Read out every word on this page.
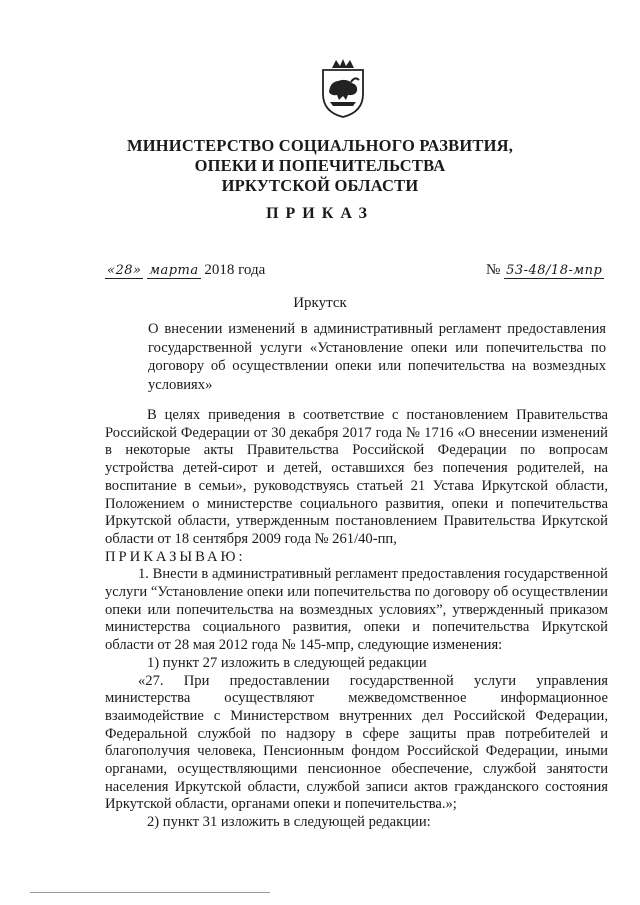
МИНИСТЕРСТВО СОЦИАЛЬНОГО РАЗВИТИЯ,
ОПЕКИ И ПОПЕЧИТЕЛЬСТВА
ИРКУТСКОЙ ОБЛАСТИ
ПРИКАЗ
«28» марта 2018 года	№ 53-48/18-мпр
Иркутск
О внесении изменений в административный регламент предоставления государственной услуги «Установление опеки или попечительства по договору об осуществлении опеки или попечительства на возмездных условиях»

В целях приведения в соответствие с постановлением Правительства Российской Федерации от 30 декабря 2017 года № 1716 «О внесении изменений в некоторые акты Правительства Российской Федерации по вопросам устройства детей-сирот и детей, оставшихся без попечения родителей, на воспитание в семьи», руководствуясь статьей 21 Устава Иркутской области, Положением о министерстве социального развития, опеки и попечительства Иркутской области, утвержденным постановлением Правительства Иркутской области от 18 сентября 2009 года № 261/40-пп,

ПРИКАЗЫВАЮ:

1. Внести в административный регламент предоставления государственной услуги “Установление опеки или попечительства по договору об осуществлении опеки или попечительства на возмездных условиях”, утвержденный приказом министерства социального развития, опеки и попечительства Иркутской области от 28 мая 2012 года № 145-мпр, следующие изменения:

1) пункт 27 изложить в следующей редакции

«27. При предоставлении государственной услуги управления министерства осуществляют межведомственное информационное взаимодействие с Министерством внутренних дел Российской Федерации, Федеральной службой по надзору в сфере защиты прав потребителей и благополучия человека, Пенсионным фондом Российской Федерации, иными органами, осуществляющими пенсионное обеспечение, службой занятости населения Иркутской области, службой записи актов гражданского состояния Иркутской области, органами опеки и попечительства.»;

2) пункт 31 изложить в следующей редакции:
